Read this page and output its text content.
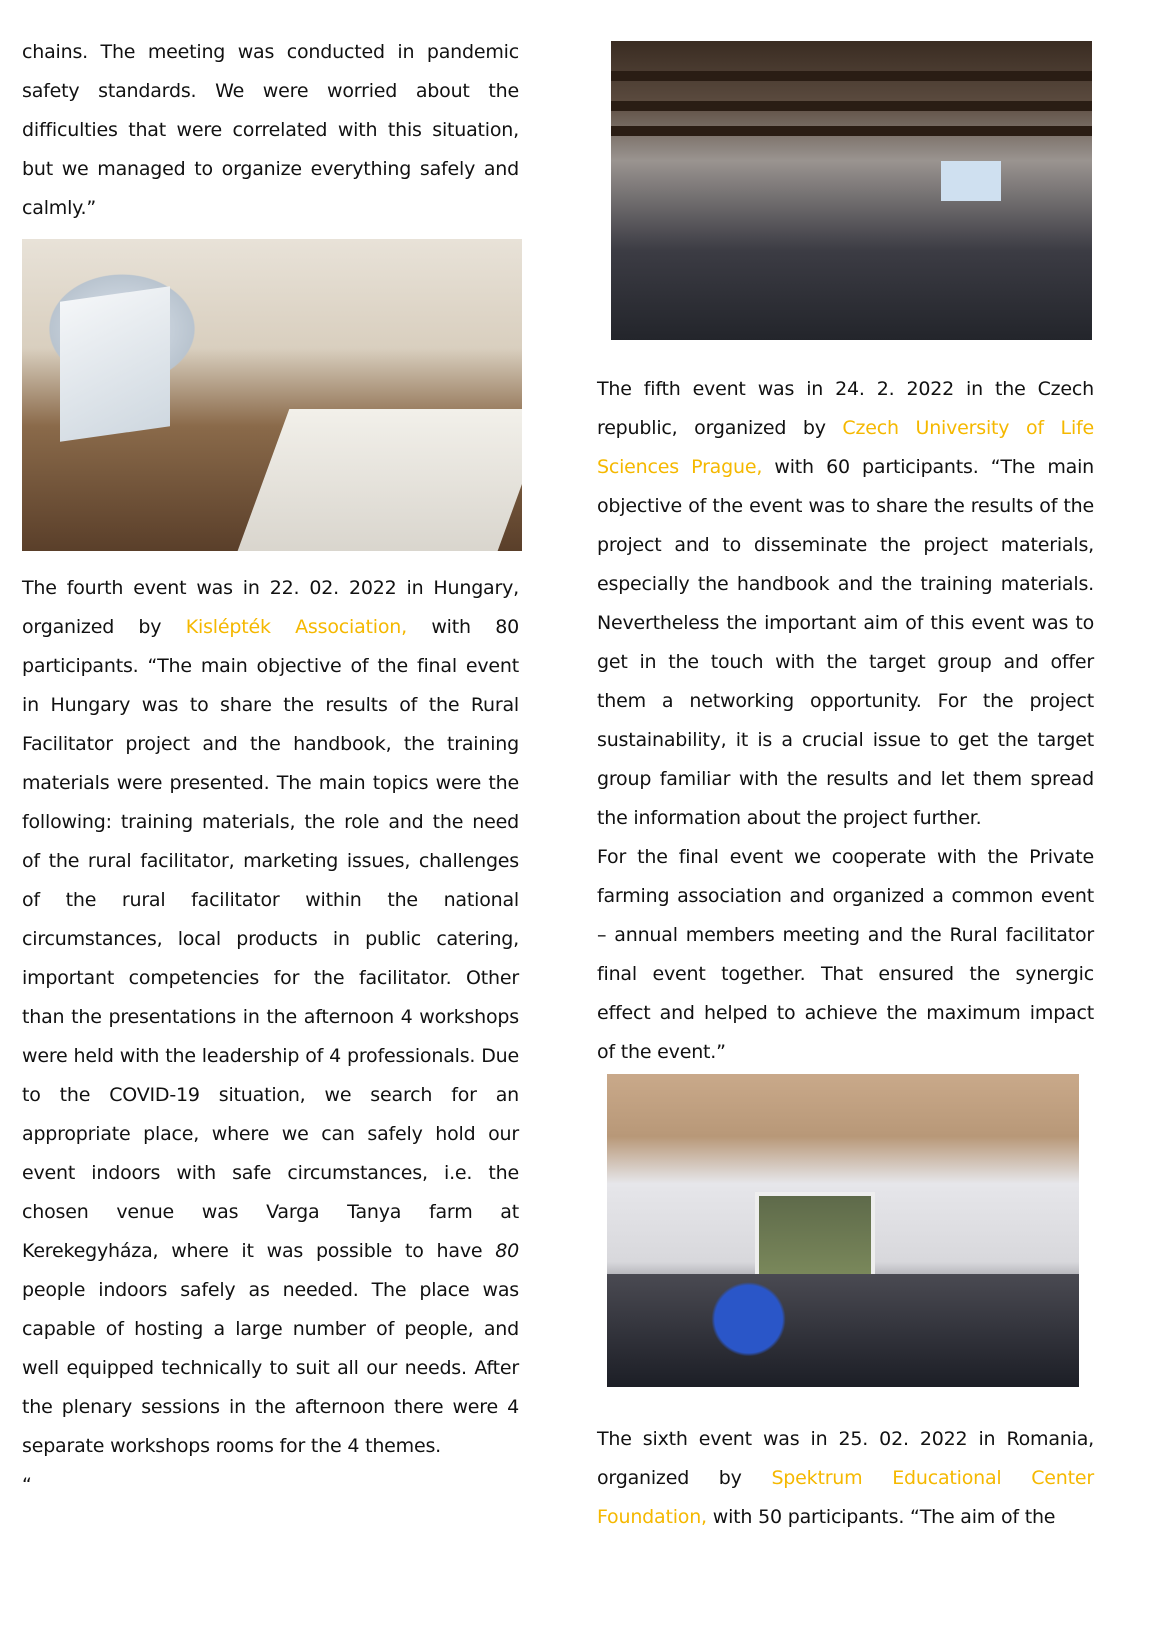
chains. The meeting was conducted in pandemic safety standards. We were worried about the difficulties that were correlated with this situation, but we managed to organize everything safely and calmly.”

The fourth event was in 22. 02. 2022 in Hungary, organized by Kislépték Association, with 80 participants. “The main objective of the final event in Hungary was to share the results of the Rural Facilitator project and the handbook, the training materials were presented. The main topics were the following: training materials, the role and the need of the rural facilitator, marketing issues, challenges of the rural facilitator within the national circumstances, local products in public catering, important competencies for the facilitator. Other than the presentations in the afternoon 4 workshops were held with the leadership of 4 professionals. Due to the COVID-19 situation, we search for an appropriate place, where we can safely hold our event indoors with safe circumstances, i.e. the chosen venue was Varga Tanya farm at Kerekegyháza, where it was possible to have 80 people indoors safely as needed. The place was capable of hosting a large number of people, and well equipped technically to suit all our needs. After the plenary sessions in the afternoon there were 4 separate workshops rooms for the 4 themes.

“

The fifth event was in 24. 2. 2022 in the Czech republic, organized by Czech University of Life Sciences Prague, with 60 participants. “The main objective of the event was to share the results of the project and to disseminate the project materials, especially the handbook and the training materials. Nevertheless the important aim of this event was to get in the touch with the target group and offer them a networking opportunity. For the project sustainability, it is a crucial issue to get the target group familiar with the results and let them spread the information about the project further.

For the final event we cooperate with the Private farming association and organized a common event – annual members meeting and the Rural facilitator final event together. That ensured the synergic effect and helped to achieve the maximum impact of the event.”

The sixth event was in 25. 02. 2022 in Romania, organized by Spektrum Educational Center Foundation, with 50 participants. “The aim of the
